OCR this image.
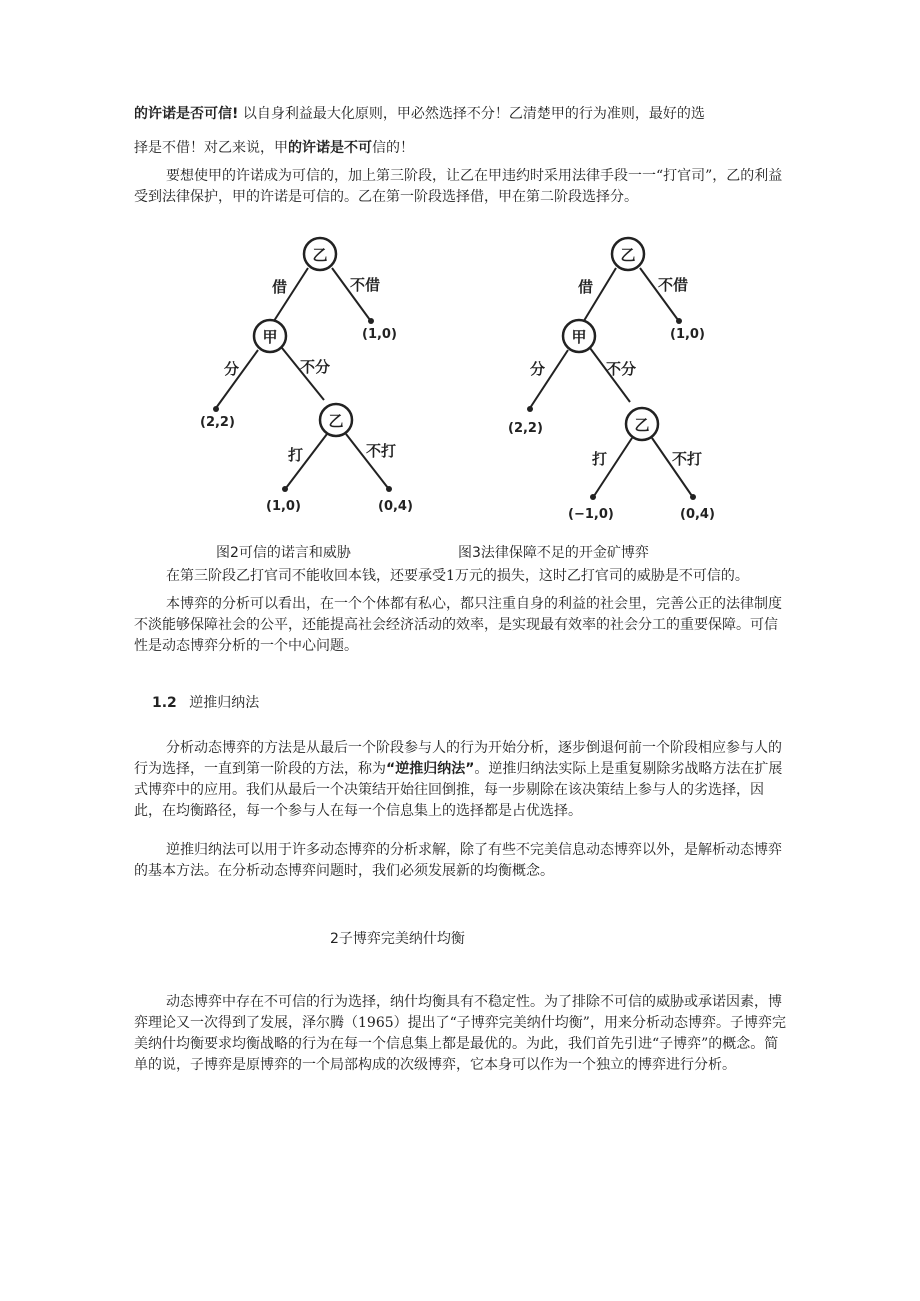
的许诺是否可信! 以自身利益最大化原则，甲必然选择不分！乙清楚甲的行为准则，最好的选

择是不借！对乙来说，甲的许诺是不可信的！

要想使甲的许诺成为可信的，加上第三阶段，让乙在甲违约时采用法律手段一一“打官司”，乙的利益受到法律保护，甲的许诺是可信的。乙在第一阶段选择借，甲在第二阶段选择分。

乙
甲
乙
借	不借
分	不分
打	不打
(1,0)
(2,2)
(1,0)	(0,4)
乙
甲
乙
借	不借
分	不分
打	不打
(1,0)
(2,2)
(−1,0)	(0,4)
图2可信的诺言和威胁	图3法律保障不足的开金矿博弈

在第三阶段乙打官司不能收回本钱，还要承受1万元的损失，这时乙打官司的威胁是不可信的。

本博弈的分析可以看出，在一个个体都有私心，都只注重自身的利益的社会里，完善公正的法律制度不淡能够保障社会的公平，还能提高社会经济活动的效率，是实现最有效率的社会分工的重要保障。可信性是动态博弈分析的一个中心问题。

1.2 逆推归纳法

分析动态博弈的方法是从最后一个阶段参与人的行为开始分析，逐步倒退何前一个阶段相应参与人的行为选择，一直到第一阶段的方法，称为“逆推归纳法”。逆推归纳法实际上是重复剔除劣战略方法在扩展式博弈中的应用。我们从最后一个决策结开始往回倒推，每一步剔除在该决策结上参与人的劣选择，因此，在均衡路径，每一个参与人在每一个信息集上的选择都是占优选择。

逆推归纳法可以用于许多动态博弈的分析求解，除了有些不完美信息动态博弈以外，是解析动态博弈的基本方法。在分析动态博弈问题时，我们必须发展新的均衡概念。

2子博弈完美纳什均衡

动态博弈中存在不可信的行为选择，纳什均衡具有不稳定性。为了排除不可信的威胁或承诺因素，博弈理论又一次得到了发展，泽尔腾（1965）提出了“子博弈完美纳什均衡”，用来分析动态博弈。子博弈完美纳什均衡要求均衡战略的行为在每一个信息集上都是最优的。为此，我们首先引进“子博弈”的概念。简单的说，子博弈是原博弈的一个局部构成的次级博弈，它本身可以作为一个独立的博弈进行分析。
